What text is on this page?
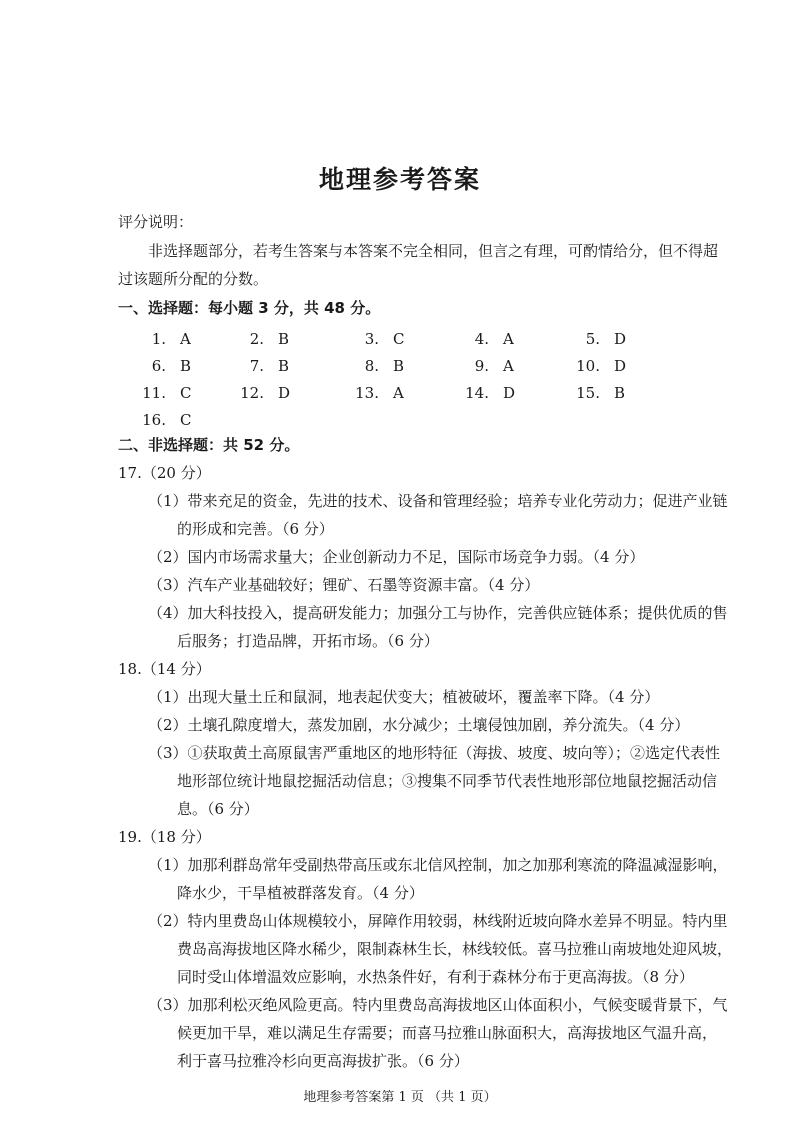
地理参考答案
评分说明：
非选择题部分，若考生答案与本答案不完全相同，但言之有理，可酌情给分，但不得超
过该题所分配的分数。
一、选择题：每小题 3 分，共 48 分。
1. A	2. B	3. C	4. A	5. D
6. B	7. B	8. B	9. A	10. D
11. C	12. D	13. A	14. D	15. B
16. C
二、非选择题：共 52 分。
17.（20 分）
（1）带来充足的资金，先进的技术、设备和管理经验；培养专业化劳动力；促进产业链
的形成和完善。（6 分）
（2）国内市场需求量大；企业创新动力不足，国际市场竞争力弱。（4 分）
（3）汽车产业基础较好；锂矿、石墨等资源丰富。（4 分）
（4）加大科技投入，提高研发能力；加强分工与协作，完善供应链体系；提供优质的售
后服务；打造品牌，开拓市场。（6 分）
18.（14 分）
（1）出现大量土丘和鼠洞，地表起伏变大；植被破坏，覆盖率下降。（4 分）
（2）土壤孔隙度增大，蒸发加剧，水分减少；土壤侵蚀加剧，养分流失。（4 分）
（3）①获取黄土高原鼠害严重地区的地形特征（海拔、坡度、坡向等）；②选定代表性
地形部位统计地鼠挖掘活动信息；③搜集不同季节代表性地形部位地鼠挖掘活动信
息。（6 分）
19.（18 分）
（1）加那利群岛常年受副热带高压或东北信风控制，加之加那利寒流的降温减湿影响，
降水少，干旱植被群落发育。（4 分）
（2）特内里费岛山体规模较小，屏障作用较弱，林线附近坡向降水差异不明显。特内里
费岛高海拔地区降水稀少，限制森林生长，林线较低。喜马拉雅山南坡地处迎风坡，
同时受山体增温效应影响，水热条件好，有利于森林分布于更高海拔。（8 分）
（3）加那利松灭绝风险更高。特内里费岛高海拔地区山体面积小，气候变暖背景下，气
候更加干旱，难以满足生存需要；而喜马拉雅山脉面积大，高海拔地区气温升高，
利于喜马拉雅冷杉向更高海拔扩张。（6 分）
地理参考答案第 1 页 （共 1 页）
